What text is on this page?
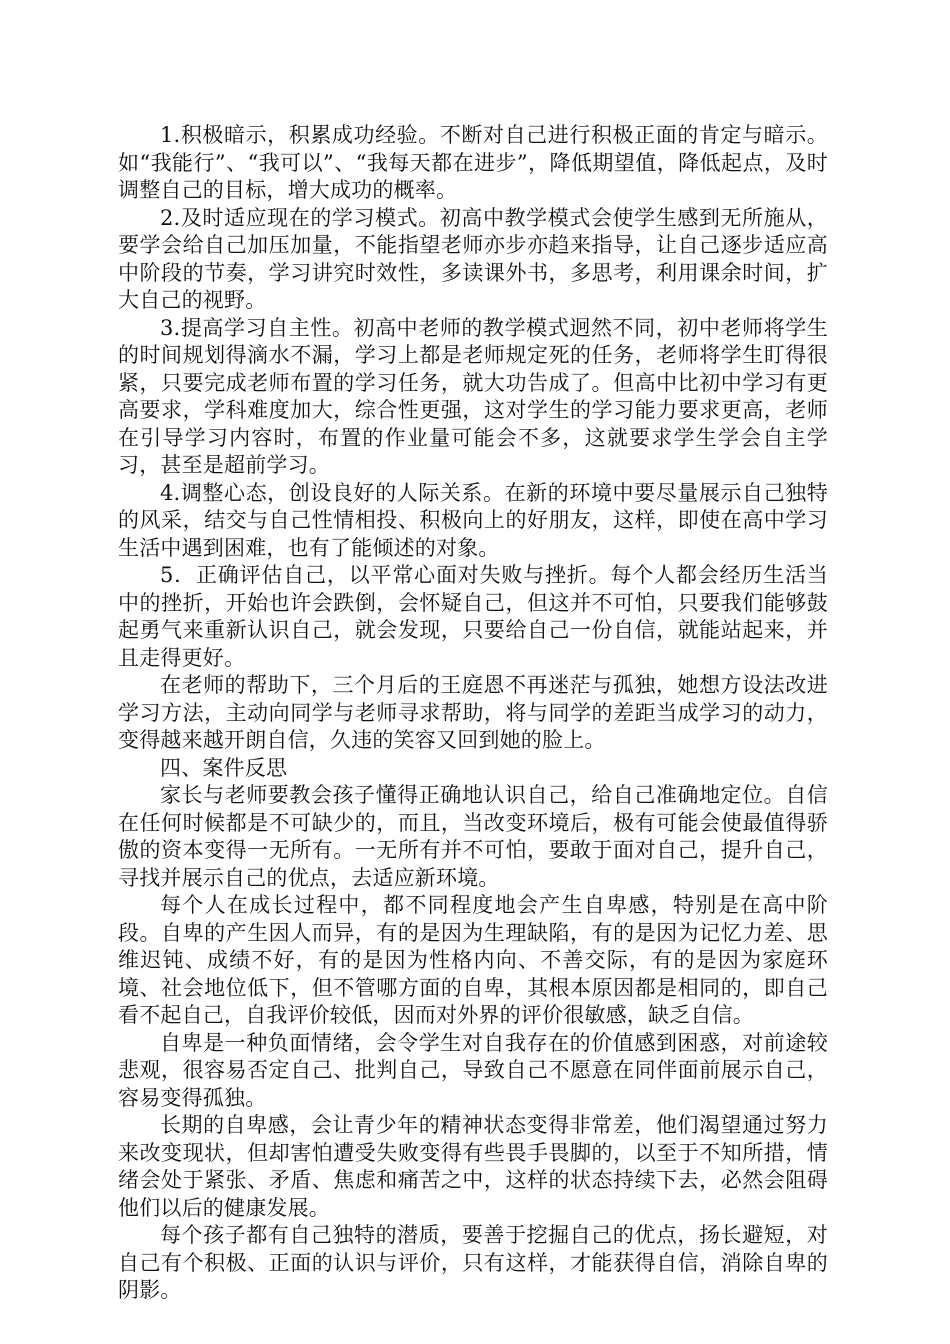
1.积极暗示，积累成功经验。不断对自己进行积极正面的肯定与暗示。如“我能行”、“我可以”、“我每天都在进步”，降低期望值，降低起点，及时调整自己的目标，增大成功的概率。

2.及时适应现在的学习模式。初高中教学模式会使学生感到无所施从，要学会给自己加压加量，不能指望老师亦步亦趋来指导，让自己逐步适应高中阶段的节奏，学习讲究时效性，多读课外书，多思考，利用课余时间，扩大自己的视野。

3.提高学习自主性。初高中老师的教学模式迥然不同，初中老师将学生的时间规划得滴水不漏，学习上都是老师规定死的任务，老师将学生盯得很紧，只要完成老师布置的学习任务，就大功告成了。但高中比初中学习有更高要求，学科难度加大，综合性更强，这对学生的学习能力要求更高，老师在引导学习内容时，布置的作业量可能会不多，这就要求学生学会自主学习，甚至是超前学习。

4.调整心态，创设良好的人际关系。在新的环境中要尽量展示自己独特的风采，结交与自己性情相投、积极向上的好朋友，这样，即使在高中学习生活中遇到困难，也有了能倾述的对象。

5．正确评估自己，以平常心面对失败与挫折。每个人都会经历生活当中的挫折，开始也许会跌倒，会怀疑自己，但这并不可怕，只要我们能够鼓起勇气来重新认识自己，就会发现，只要给自己一份自信，就能站起来，并且走得更好。

在老师的帮助下，三个月后的王庭恩不再迷茫与孤独，她想方设法改进学习方法，主动向同学与老师寻求帮助，将与同学的差距当成学习的动力，变得越来越开朗自信，久违的笑容又回到她的脸上。

四、案件反思

家长与老师要教会孩子懂得正确地认识自己，给自己准确地定位。自信在任何时候都是不可缺少的，而且，当改变环境后，极有可能会使最值得骄傲的资本变得一无所有。一无所有并不可怕，要敢于面对自己，提升自己，寻找并展示自己的优点，去适应新环境。

每个人在成长过程中，都不同程度地会产生自卑感，特别是在高中阶段。自卑的产生因人而异，有的是因为生理缺陷，有的是因为记忆力差、思维迟钝、成绩不好，有的是因为性格内向、不善交际，有的是因为家庭环境、社会地位低下，但不管哪方面的自卑，其根本原因都是相同的，即自己看不起自己，自我评价较低，因而对外界的评价很敏感，缺乏自信。

自卑是一种负面情绪，会令学生对自我存在的价值感到困惑，对前途较悲观，很容易否定自己、批判自己，导致自己不愿意在同伴面前展示自己，容易变得孤独。

长期的自卑感，会让青少年的精神状态变得非常差，他们渴望通过努力来改变现状，但却害怕遭受失败变得有些畏手畏脚的，以至于不知所措，情绪会处于紧张、矛盾、焦虑和痛苦之中，这样的状态持续下去，必然会阻碍他们以后的健康发展。

每个孩子都有自己独特的潜质，要善于挖掘自己的优点，扬长避短，对自己有个积极、正面的认识与评价，只有这样，才能获得自信，消除自卑的阴影。
